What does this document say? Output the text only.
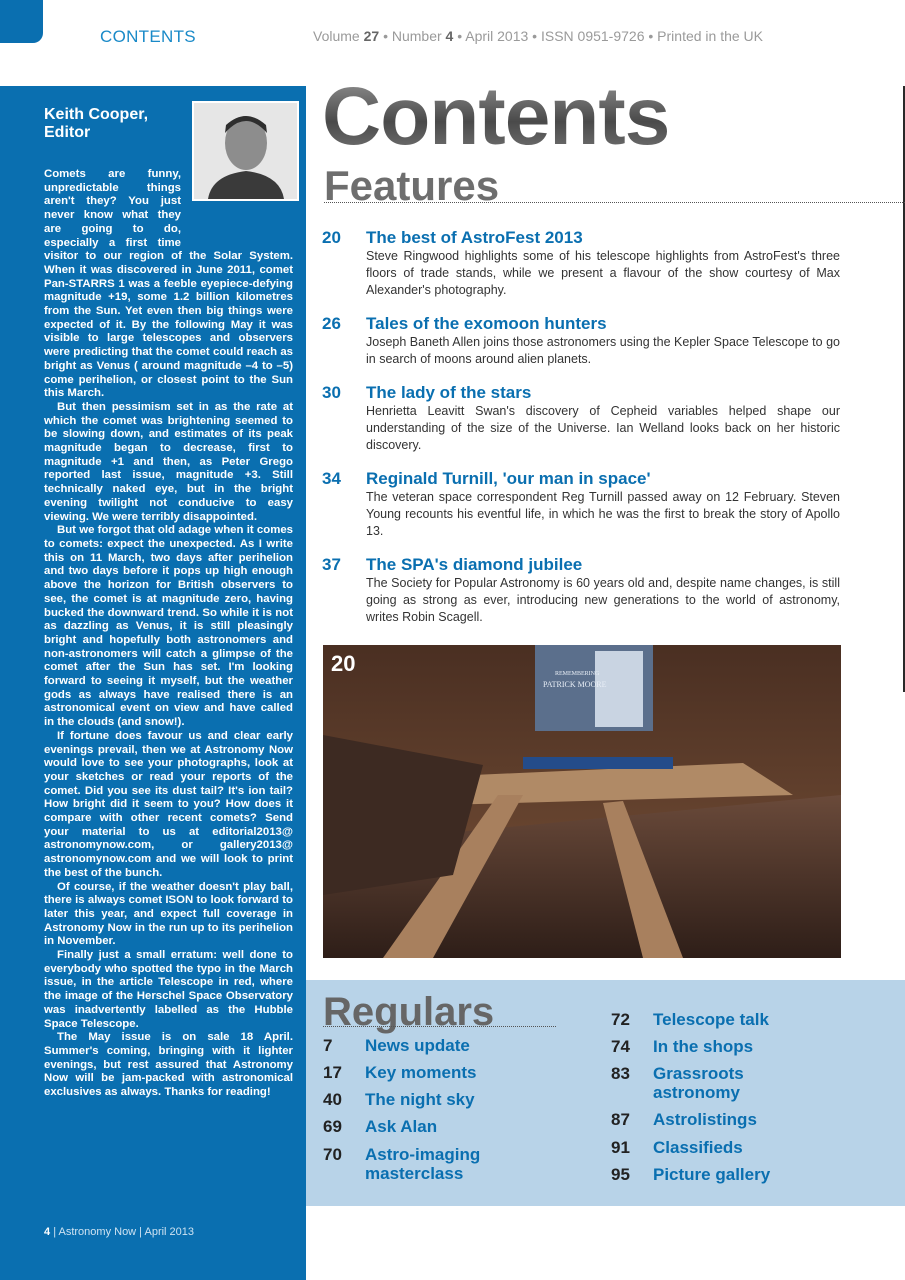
CONTENTS	Volume 27 • Number 4 • April 2013 • ISSN 0951-9726 • Printed in the UK
Keith Cooper, Editor

Comets are funny, unpredictable things aren't they? You just never know what they are going to do, especially a first time visitor to our region of the Solar System. When it was discovered in June 2011, comet Pan-STARRS 1 was a feeble eyepiece-defying magnitude +19, some 1.2 billion kilometres from the Sun. Yet even then big things were expected of it. By the following May it was visible to large telescopes and observers were predicting that the comet could reach as bright as Venus ( around magnitude –4 to –5) come perihelion, or closest point to the Sun this March.

But then pessimism set in as the rate at which the comet was brightening seemed to be slowing down, and estimates of its peak magnitude began to decrease, first to magnitude +1 and then, as Peter Grego reported last issue, magnitude +3. Still technically naked eye, but in the bright evening twilight not conducive to easy viewing. We were terribly disappointed.

But we forgot that old adage when it comes to comets: expect the unexpected. As I write this on 11 March, two days after perihelion and two days before it pops up high enough above the horizon for British observers to see, the comet is at magnitude zero, having bucked the downward trend. So while it is not as dazzling as Venus, it is still pleasingly bright and hopefully both astronomers and non-astronomers will catch a glimpse of the comet after the Sun has set. I'm looking forward to seeing it myself, but the weather gods as always have realised there is an astronomical event on view and have called in the clouds (and snow!).

If fortune does favour us and clear early evenings prevail, then we at Astronomy Now would love to see your photographs, look at your sketches or read your reports of the comet. Did you see its dust tail? It's ion tail? How bright did it seem to you? How does it compare with other recent comets? Send your material to us at editorial2013@ astronomynow.com, or gallery2013@ astronomynow.com and we will look to print the best of the bunch.

Of course, if the weather doesn't play ball, there is always comet ISON to look forward to later this year, and expect full coverage in Astronomy Now in the run up to its perihelion in November.

Finally just a small erratum: well done to everybody who spotted the typo in the March issue, in the article Telescope in red, where the image of the Herschel Space Observatory was inadvertently labelled as the Hubble Space Telescope.

The May issue is on sale 18 April. Summer's coming, bringing with it lighter evenings, but rest assured that Astronomy Now will be jam-packed with astronomical exclusives as always. Thanks for reading!

4 | Astronomy Now | April 2013
Contents
Features
20 The best of AstroFest 2013
Steve Ringwood highlights some of his telescope highlights from AstroFest's three floors of trade stands, while we present a flavour of the show courtesy of Max Alexander's photography.
26 Tales of the exomoon hunters
Joseph Baneth Allen joins those astronomers using the Kepler Space Telescope to go in search of moons around alien planets.
30 The lady of the stars
Henrietta Leavitt Swan's discovery of Cepheid variables helped shape our understanding of the size of the Universe. Ian Welland looks back on her historic discovery.
34 Reginald Turnill, 'our man in space'
The veteran space correspondent Reg Turnill passed away on 12 February. Steven Young recounts his eventful life, in which he was the first to break the story of Apollo 13.
37 The SPA's diamond jubilee
The Society for Popular Astronomy is 60 years old and, despite name changes, is still going as strong as ever, introducing new generations to the world of astronomy, writes Robin Scagell.
REMEMBERING
PATRICK MOORE
20
Regulars
7 News update
17 Key moments
40 The night sky
69 Ask Alan
70 Astro-imaging masterclass
72 Telescope talk
74 In the shops
83 Grassroots astronomy
87 Astrolistings
91 Classifieds
95 Picture gallery
